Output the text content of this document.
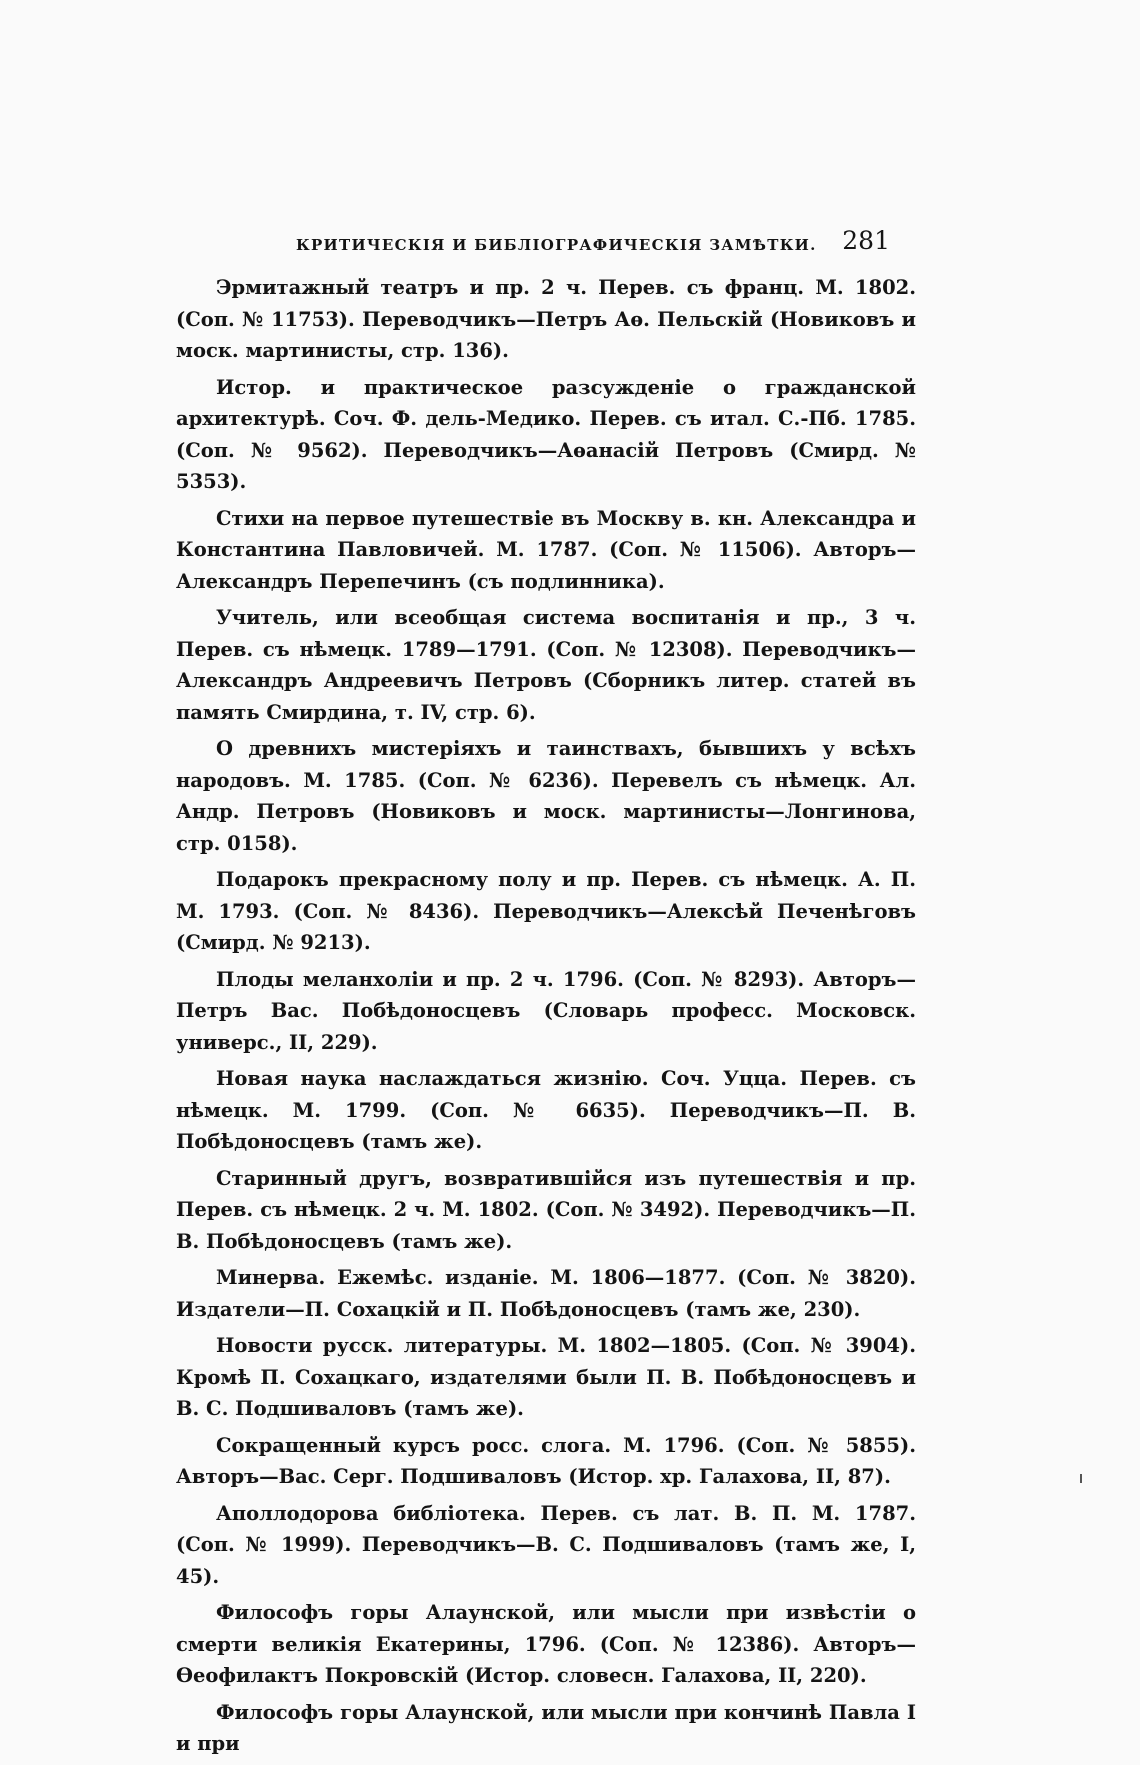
КРИТИЧЕСКІЯ И БИБЛІОГРАФИЧЕСКІЯ ЗАМѢТКИ. 281

Эрмитажный театръ и пр. 2 ч. Перев. съ франц. М. 1802. (Соп. № 11753). Переводчикъ—Петръ Аѳ. Пельскій (Новиковъ и моск. мартинисты, стр. 136).

Истор. и практическое разсужденіе о гражданской архитектурѣ. Соч. Ф. дель-Медико. Перев. съ итал. С.-Пб. 1785. (Соп. № 9562). Переводчикъ—Аѳанасій Петровъ (Смирд. № 5353).

Стихи на первое путешествіе въ Москву в. кн. Александра и Константина Павловичей. М. 1787. (Соп. № 11506). Авторъ—Александръ Перепечинъ (съ подлинника).

Учитель, или всеобщая система воспитанія и пр., 3 ч. Перев. съ нѣмецк. 1789—1791. (Соп. № 12308). Переводчикъ—Александръ Андреевичъ Петровъ (Сборникъ литер. статей въ память Смирдина, т. IV, стр. 6).

О древнихъ мистеріяхъ и таинствахъ, бывшихъ у всѣхъ народовъ. М. 1785. (Соп. № 6236). Перевелъ съ нѣмецк. Ал. Андр. Петровъ (Новиковъ и моск. мартинисты—Лонгинова, стр. 0158).

Подарокъ прекрасному полу и пр. Перев. съ нѣмецк. А. П. М. 1793. (Соп. № 8436). Переводчикъ—Алексѣй Печенѣговъ (Смирд. № 9213).

Плоды меланхоліи и пр. 2 ч. 1796. (Соп. № 8293). Авторъ—Петръ Вас. Побѣдоносцевъ (Словарь професс. Московск. универс., II, 229).

Новая наука наслаждаться жизнію. Соч. Уцца. Перев. съ нѣмецк. М. 1799. (Соп. № 6635). Переводчикъ—П. В. Побѣдоносцевъ (тамъ же).

Старинный другъ, возвратившійся изъ путешествія и пр. Перев. съ нѣмецк. 2 ч. М. 1802. (Соп. № 3492). Переводчикъ—П. В. Побѣдоносцевъ (тамъ же).

Минерва. Ежемѣс. изданіе. М. 1806—1877. (Соп. № 3820). Издатели—П. Сохацкій и П. Побѣдоносцевъ (тамъ же, 230).

Новости русск. литературы. М. 1802—1805. (Соп. № 3904). Кромѣ П. Сохацкаго, издателями были П. В. Побѣдоносцевъ и В. С. Подшиваловъ (тамъ же).

Сокращенный курсъ росс. слога. М. 1796. (Соп. № 5855). Авторъ—Вас. Серг. Подшиваловъ (Истор. хр. Галахова, II, 87).

Аполлодорова библіотека. Перев. съ лат. В. П. М. 1787. (Соп. № 1999). Переводчикъ—В. С. Подшиваловъ (тамъ же, I, 45).

Философъ горы Алаунской, или мысли при извѣстіи о смерти великія Екатерины, 1796. (Соп. № 12386). Авторъ—Ѳеофилактъ Покровскій (Истор. словесн. Галахова, II, 220).

Философъ горы Алаунской, или мысли при кончинѣ Павла I и при
